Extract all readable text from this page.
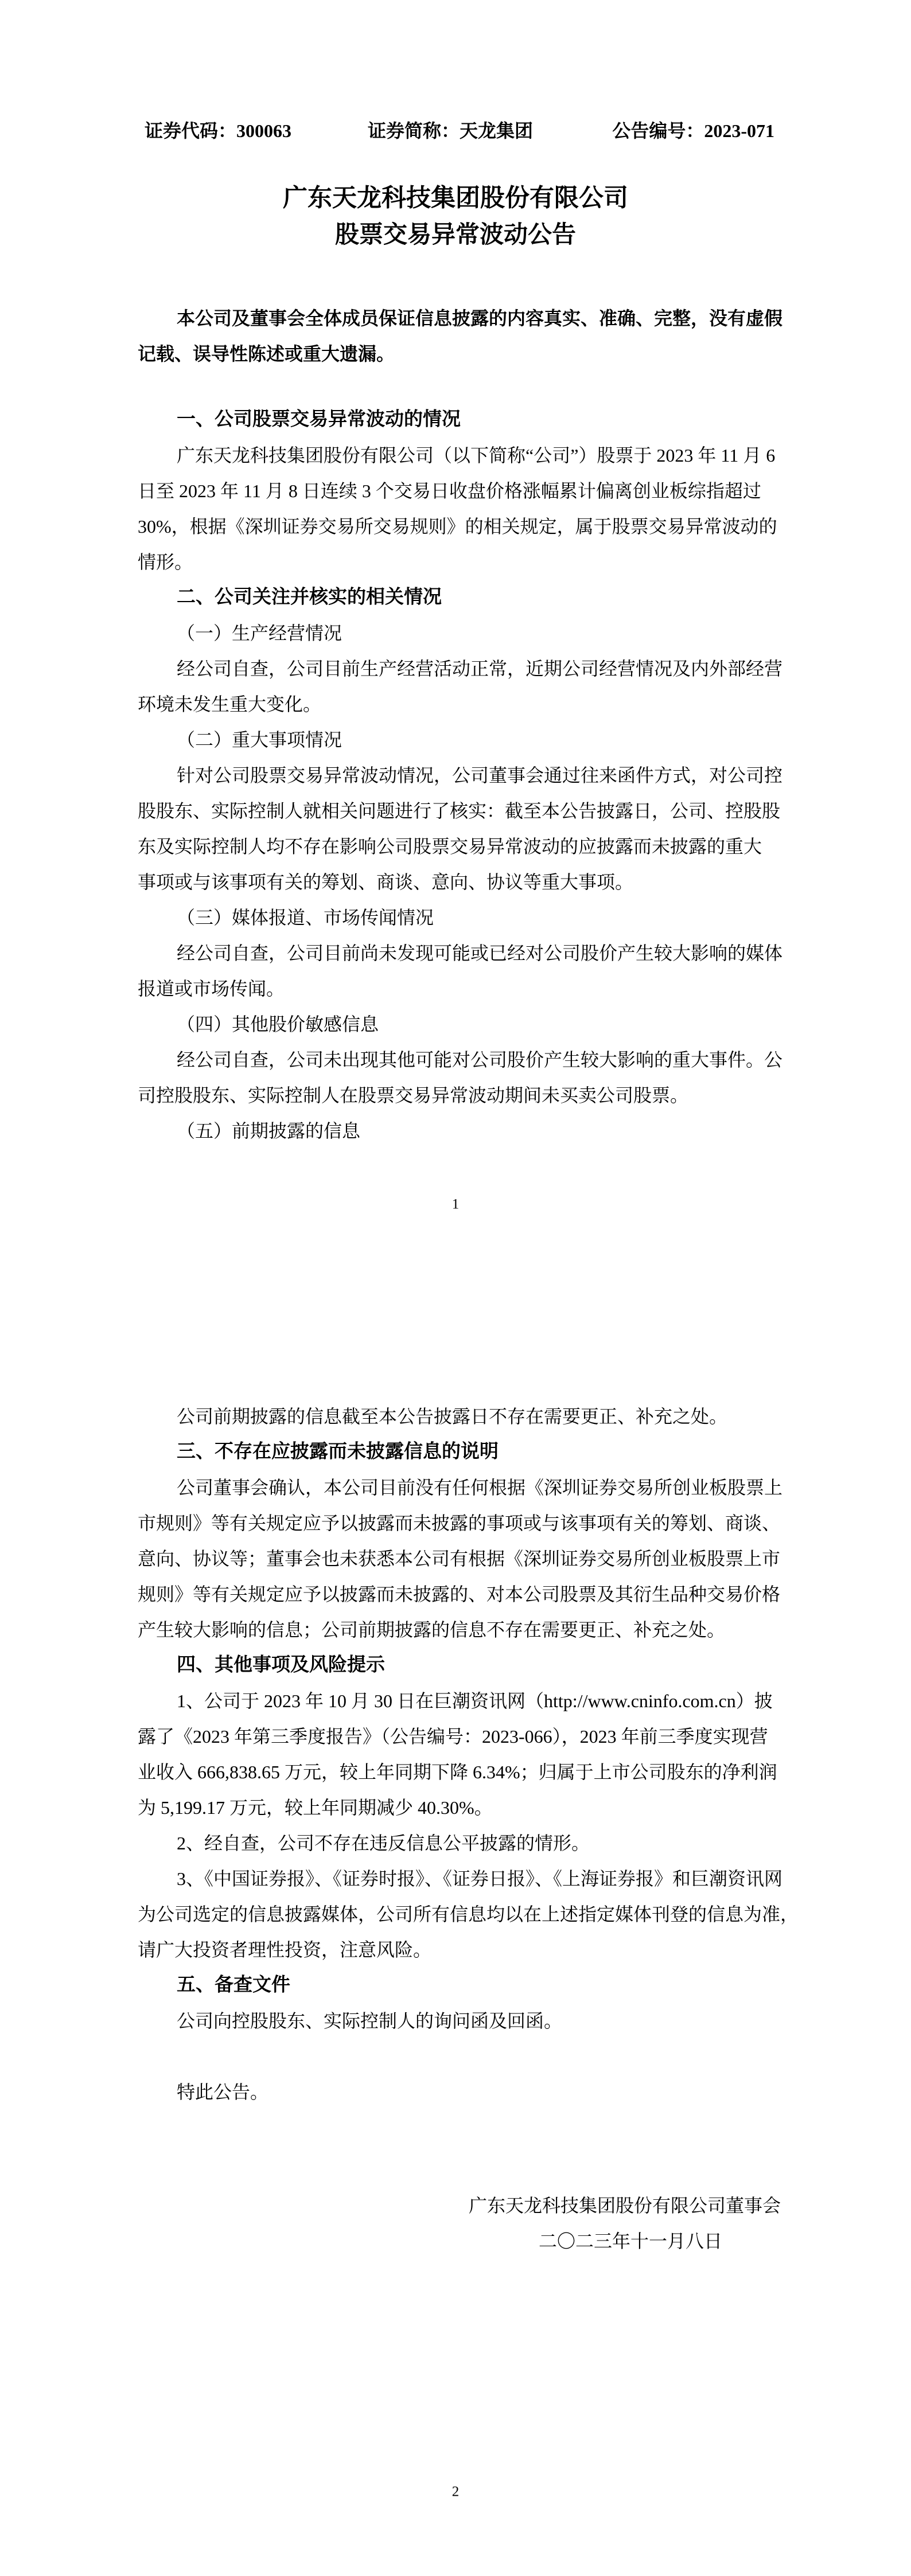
证券代码：300063	证券简称：天龙集团	公告编号：2023-071
广东天龙科技集团股份有限公司
股票交易异常波动公告
本公司及董事会全体成员保证信息披露的内容真实、准确、完整，没有虚假
记载、误导性陈述或重大遗漏。
一、公司股票交易异常波动的情况
广东天龙科技集团股份有限公司（以下简称“公司”）股票于 2023 年 11 月 6
日至 2023 年 11 月 8 日连续 3 个交易日收盘价格涨幅累计偏离创业板综指超过
30%，根据《深圳证券交易所交易规则》的相关规定，属于股票交易异常波动的
情形。
二、公司关注并核实的相关情况
（一）生产经营情况
经公司自查，公司目前生产经营活动正常，近期公司经营情况及内外部经营
环境未发生重大变化。
（二）重大事项情况
针对公司股票交易异常波动情况，公司董事会通过往来函件方式，对公司控
股股东、实际控制人就相关问题进行了核实：截至本公告披露日，公司、控股股
东及实际控制人均不存在影响公司股票交易异常波动的应披露而未披露的重大
事项或与该事项有关的筹划、商谈、意向、协议等重大事项。
（三）媒体报道、市场传闻情况
经公司自查，公司目前尚未发现可能或已经对公司股价产生较大影响的媒体
报道或市场传闻。
（四）其他股价敏感信息
经公司自查，公司未出现其他可能对公司股价产生较大影响的重大事件。公
司控股股东、实际控制人在股票交易异常波动期间未买卖公司股票。
（五）前期披露的信息
公司前期披露的信息截至本公告披露日不存在需要更正、补充之处。
三、不存在应披露而未披露信息的说明
公司董事会确认，本公司目前没有任何根据《深圳证券交易所创业板股票上
市规则》等有关规定应予以披露而未披露的事项或与该事项有关的筹划、商谈、
意向、协议等；董事会也未获悉本公司有根据《深圳证券交易所创业板股票上市
规则》等有关规定应予以披露而未披露的、对本公司股票及其衍生品种交易价格
产生较大影响的信息；公司前期披露的信息不存在需要更正、补充之处。
四、其他事项及风险提示
1、公司于 2023 年 10 月 30 日在巨潮资讯网（http://www.cninfo.com.cn）披
露了《2023 年第三季度报告》（公告编号：2023-066），2023 年前三季度实现营
业收入 666,838.65 万元，较上年同期下降 6.34%；归属于上市公司股东的净利润
为 5,199.17 万元，较上年同期减少 40.30%。
2、经自查，公司不存在违反信息公平披露的情形。
3、《中国证券报》、《证券时报》、《证券日报》、《上海证券报》和巨潮资讯网
为公司选定的信息披露媒体，公司所有信息均以在上述指定媒体刊登的信息为准，
请广大投资者理性投资，注意风险。
五、备查文件
公司向控股股东、实际控制人的询问函及回函。
特此公告。
广东天龙科技集团股份有限公司董事会
二〇二三年十一月八日
1
2
